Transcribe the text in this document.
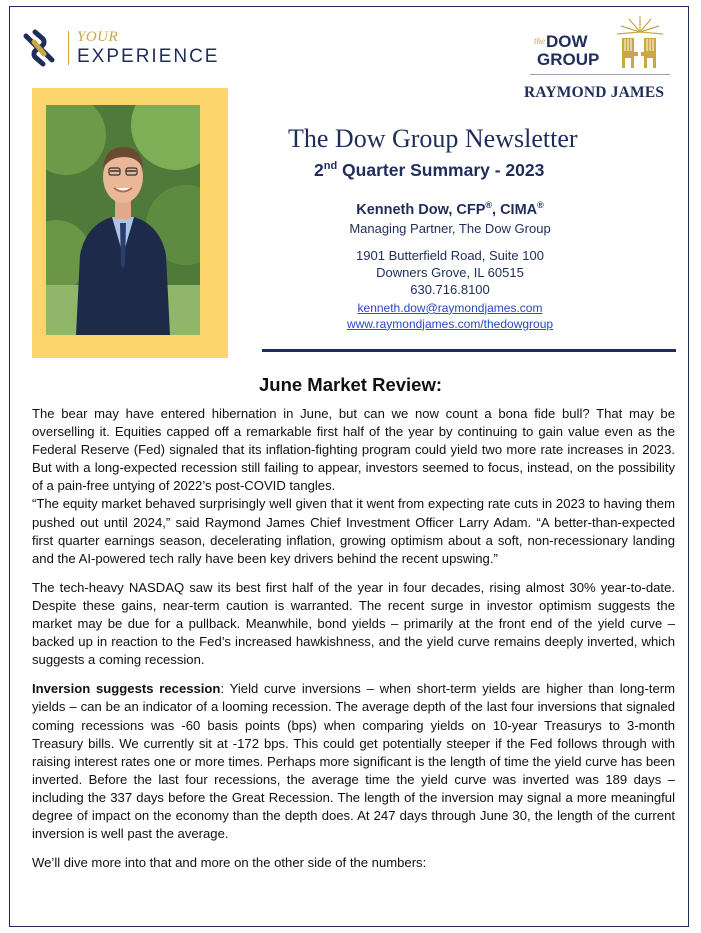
YOUR
EXPERIENCE
the DOW
GROUP
RAYMOND JAMES
The Dow Group Newsletter
2nd Quarter Summary - 2023
Kenneth Dow, CFP®, CIMA®
Managing Partner, The Dow Group
1901 Butterfield Road, Suite 100
Downers Grove, IL 60515
630.716.8100
kenneth.dow@raymondjames.com
www.raymondjames.com/thedowgroup
June Market Review:

The bear may have entered hibernation in June, but can we now count a bona fide bull? That may be overselling it. Equities capped off a remarkable first half of the year by continuing to gain value even as the Federal Reserve (Fed) signaled that its inflation-fighting program could yield two more rate increases in 2023. But with a long-expected recession still failing to appear, investors seemed to focus, instead, on the possibility of a pain-free untying of 2022’s post-COVID tangles.

“The equity market behaved surprisingly well given that it went from expecting rate cuts in 2023 to having them pushed out until 2024,” said Raymond James Chief Investment Officer Larry Adam. “A better-than-expected first quarter earnings season, decelerating inflation, growing optimism about a soft, non-recessionary landing and the AI-powered tech rally have been key drivers behind the recent upswing.”

The tech-heavy NASDAQ saw its best first half of the year in four decades, rising almost 30% year-to-date. Despite these gains, near-term caution is warranted. The recent surge in investor optimism suggests the market may be due for a pullback. Meanwhile, bond yields – primarily at the front end of the yield curve – backed up in reaction to the Fed’s increased hawkishness, and the yield curve remains deeply inverted, which suggests a coming recession.

Inversion suggests recession: Yield curve inversions – when short-term yields are higher than long-term yields – can be an indicator of a looming recession. The average depth of the last four inversions that signaled coming recessions was -60 basis points (bps) when comparing yields on 10-year Treasurys to 3-month Treasury bills. We currently sit at -172 bps. This could get potentially steeper if the Fed follows through with raising interest rates one or more times. Perhaps more significant is the length of time the yield curve has been inverted. Before the last four recessions, the average time the yield curve was inverted was 189 days – including the 337 days before the Great Recession. The length of the inversion may signal a more meaningful degree of impact on the economy than the depth does. At 247 days through June 30, the length of the current inversion is well past the average.

We’ll dive more into that and more on the other side of the numbers:
